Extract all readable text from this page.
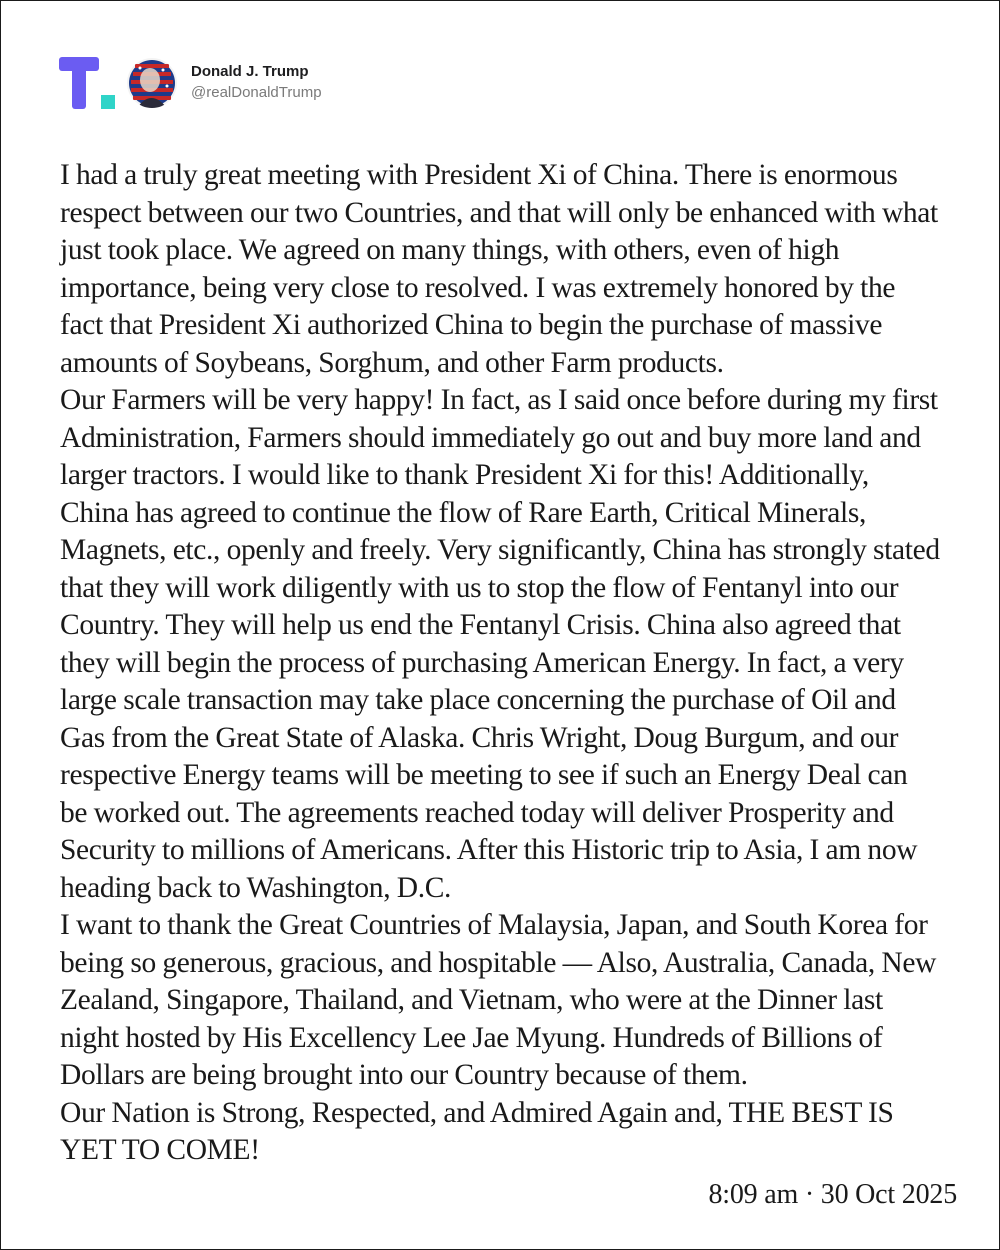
Donald J. Trump
@realDonaldTrump

I had a truly great meeting with President Xi of China. There is enormous respect between our two Countries, and that will only be enhanced with what just took place. We agreed on many things, with others, even of high importance, being very close to resolved. I was extremely honored by the fact that President Xi authorized China to begin the purchase of massive amounts of Soybeans, Sorghum, and other Farm products.

Our Farmers will be very happy! In fact, as I said once before during my first Administration, Farmers should immediately go out and buy more land and larger tractors. I would like to thank President Xi for this! Additionally, China has agreed to continue the flow of Rare Earth, Critical Minerals, Magnets, etc., openly and freely. Very significantly, China has strongly stated that they will work diligently with us to stop the flow of Fentanyl into our Country. They will help us end the Fentanyl Crisis. China also agreed that they will begin the process of purchasing American Energy. In fact, a very large scale transaction may take place concerning the purchase of Oil and Gas from the Great State of Alaska. Chris Wright, Doug Burgum, and our respective Energy teams will be meeting to see if such an Energy Deal can be worked out. The agreements reached today will deliver Prosperity and Security to millions of Americans. After this Historic trip to Asia, I am now heading back to Washington, D.C.

I want to thank the Great Countries of Malaysia, Japan, and South Korea for being so generous, gracious, and hospitable — Also, Australia, Canada, New Zealand, Singapore, Thailand, and Vietnam, who were at the Dinner last night hosted by His Excellency Lee Jae Myung. Hundreds of Billions of Dollars are being brought into our Country because of them.

Our Nation is Strong, Respected, and Admired Again and, THE BEST IS YET TO COME!

8:09 am · 30 Oct 2025
